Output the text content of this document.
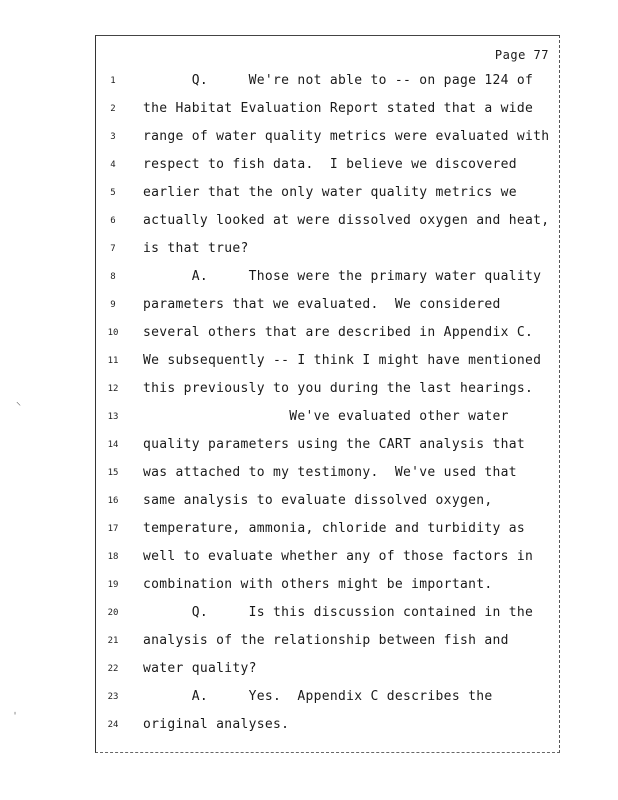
Page 77

1

	Q.     We're not able to -- on page 124 of

2

	the Habitat Evaluation Report stated that a wide

3

	range of water quality metrics were evaluated with

4

	respect to fish data.  I believe we discovered

5

	earlier that the only water quality metrics we

6

	actually looked at were dissolved oxygen and heat,

7

	is that true?

8

	A.     Those were the primary water quality

9

	parameters that we evaluated.  We considered

10

	several others that are described in Appendix C.

11

	We subsequently -- I think I might have mentioned

12

	this previously to you during the last hearings.

13

	We've evaluated other water

14

	quality parameters using the CART analysis that

15

	was attached to my testimony.  We've used that

16

	same analysis to evaluate dissolved oxygen,

17

	temperature, ammonia, chloride and turbidity as

18

	well to evaluate whether any of those factors in

19

	combination with others might be important.

20

	Q.     Is this discussion contained in the

21

	analysis of the relationship between fish and

22

	water quality?

23

	A.     Yes.  Appendix C describes the

24

	original analyses.

⸌
ˌ
